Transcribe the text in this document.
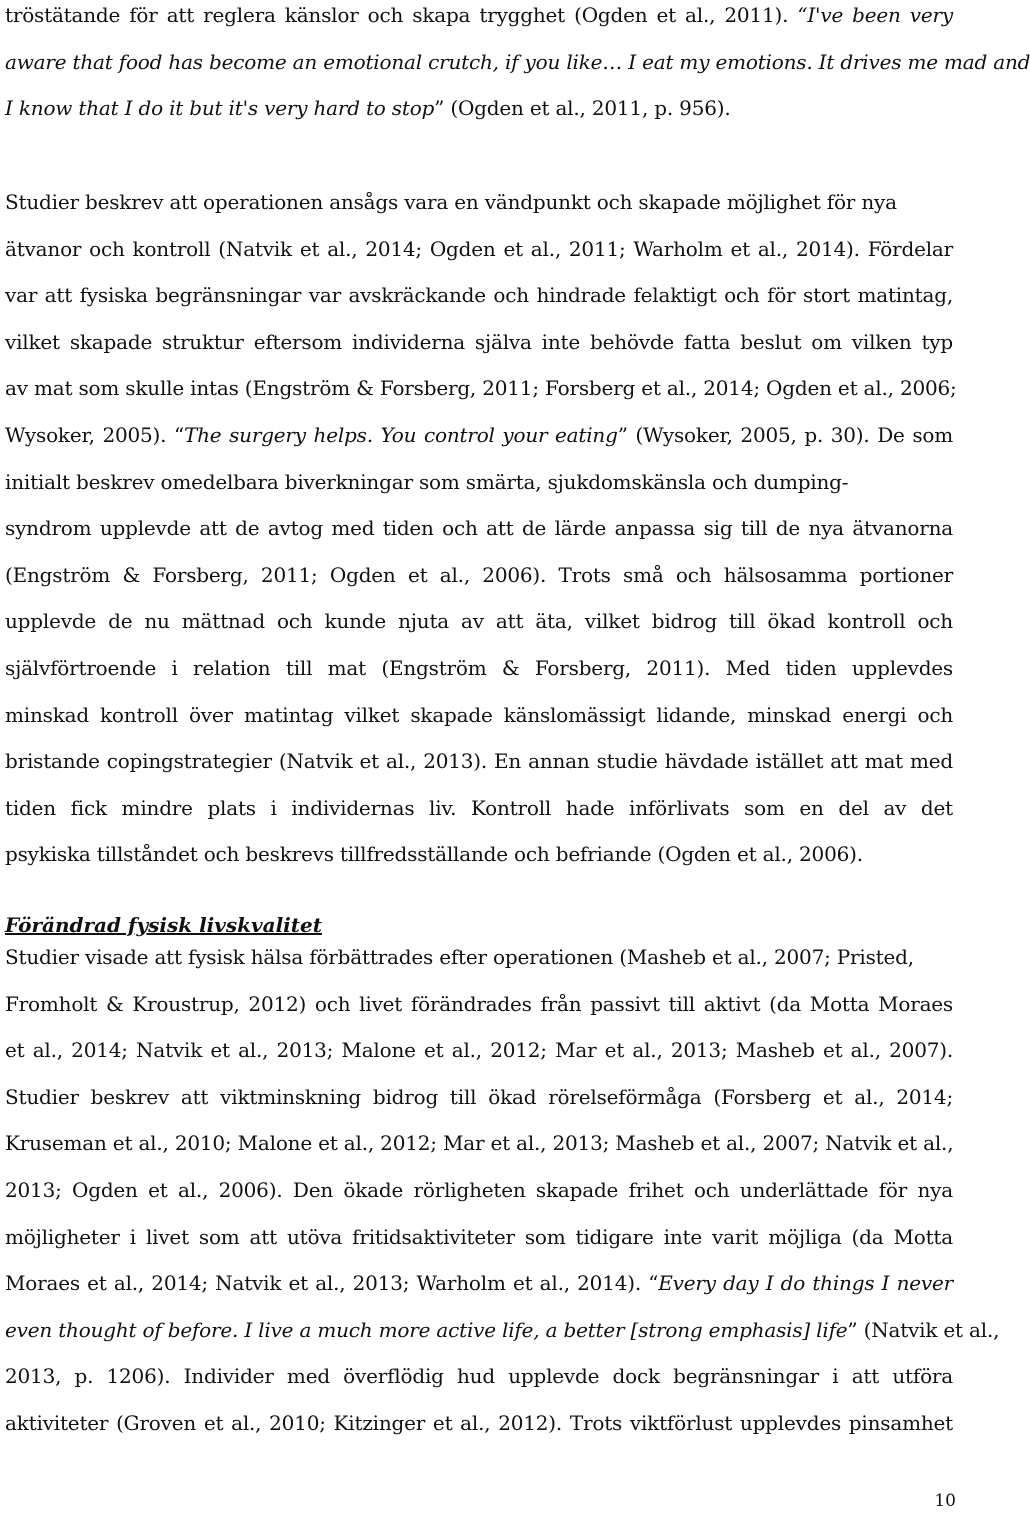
tröstätande för att reglera känslor och skapa trygghet (Ogden et al., 2011). “I've been very
aware that food has become an emotional crutch, if you like… I eat my emotions. It drives me mad and
I know that I do it but it's very hard to stop” (Ogden et al., 2011, p. 956).
Studier beskrev att operationen ansågs vara en vändpunkt och skapade möjlighet för nya
ätvanor och kontroll (Natvik et al., 2014; Ogden et al., 2011; Warholm et al., 2014). Fördelar
var att fysiska begränsningar var avskräckande och hindrade felaktigt och för stort matintag,
vilket skapade struktur eftersom individerna själva inte behövde fatta beslut om vilken typ
av mat som skulle intas (Engström & Forsberg, 2011; Forsberg et al., 2014; Ogden et al., 2006;
Wysoker, 2005). “The surgery helps. You control your eating” (Wysoker, 2005, p. 30). De som
initialt beskrev omedelbara biverkningar som smärta, sjukdomskänsla och dumping-
syndrom upplevde att de avtog med tiden och att de lärde anpassa sig till de nya ätvanorna
(Engström & Forsberg, 2011; Ogden et al., 2006). Trots små och hälsosamma portioner
upplevde de nu mättnad och kunde njuta av att äta, vilket bidrog till ökad kontroll och
självförtroende i relation till mat (Engström & Forsberg, 2011). Med tiden upplevdes
minskad kontroll över matintag vilket skapade känslomässigt lidande, minskad energi och
bristande copingstrategier (Natvik et al., 2013). En annan studie hävdade istället att mat med
tiden fick mindre plats i individernas liv. Kontroll hade införlivats som en del av det
psykiska tillståndet och beskrevs tillfredsställande och befriande (Ogden et al., 2006).
Studier visade att fysisk hälsa förbättrades efter operationen (Masheb et al., 2007; Pristed,
Fromholt & Kroustrup, 2012) och livet förändrades från passivt till aktivt (da Motta Moraes
et al., 2014; Natvik et al., 2013; Malone et al., 2012; Mar et al., 2013; Masheb et al., 2007).
Studier beskrev att viktminskning bidrog till ökad rörelseförmåga (Forsberg et al., 2014;
Kruseman et al., 2010; Malone et al., 2012; Mar et al., 2013; Masheb et al., 2007; Natvik et al.,
2013; Ogden et al., 2006). Den ökade rörligheten skapade frihet och underlättade för nya
möjligheter i livet som att utöva fritidsaktiviteter som tidigare inte varit möjliga (da Motta
Moraes et al., 2014; Natvik et al., 2013; Warholm et al., 2014). “Every day I do things I never
even thought of before. I live a much more active life, a better [strong emphasis] life” (Natvik et al.,
2013, p. 1206). Individer med överflödig hud upplevde dock begränsningar i att utföra
aktiviteter (Groven et al., 2010; Kitzinger et al., 2012). Trots viktförlust upplevdes pinsamhet
Förändrad fysisk livskvalitet
10
